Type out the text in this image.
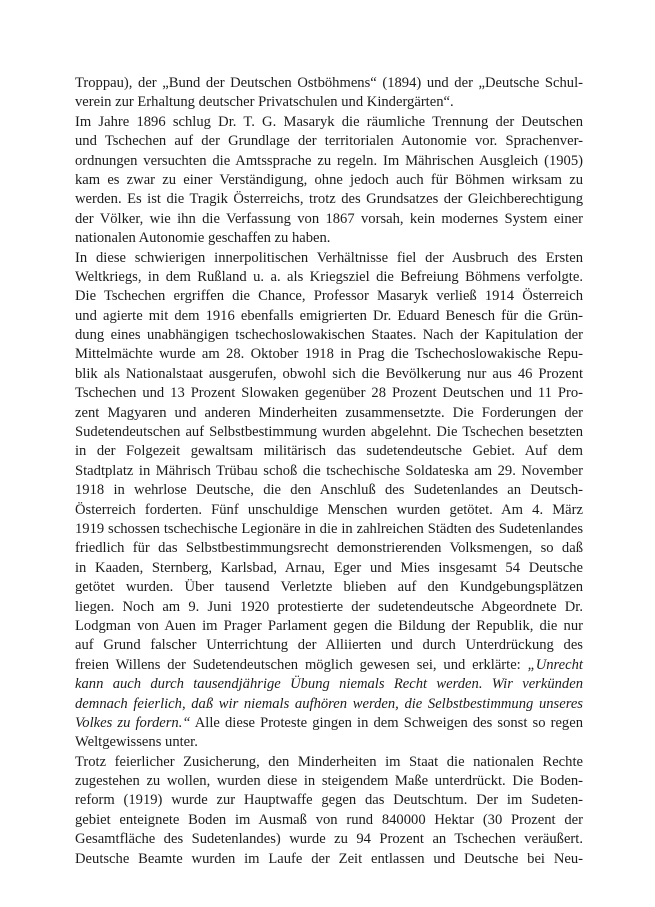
Troppau), der „Bund der Deutschen Ostböhmens“ (1894) und der „Deutsche Schul-
verein zur Erhaltung deutscher Privatschulen und Kindergärten“.
Im Jahre 1896 schlug Dr. T. G. Masaryk die räumliche Trennung der Deutschen
und Tschechen auf der Grundlage der territorialen Autonomie vor. Sprachenver-
ordnungen versuchten die Amtssprache zu regeln. Im Mährischen Ausgleich (1905)
kam es zwar zu einer Verständigung, ohne jedoch auch für Böhmen wirksam zu
werden. Es ist die Tragik Österreichs, trotz des Grundsatzes der Gleichberechtigung
der Völker, wie ihn die Verfassung von 1867 vorsah, kein modernes System einer
nationalen Autonomie geschaffen zu haben.
In diese schwierigen innerpolitischen Verhältnisse fiel der Ausbruch des Ersten
Weltkriegs, in dem Rußland u. a. als Kriegsziel die Befreiung Böhmens verfolgte.
Die Tschechen ergriffen die Chance, Professor Masaryk verließ 1914 Österreich
und agierte mit dem 1916 ebenfalls emigrierten Dr. Eduard Benesch für die Grün-
dung eines unabhängigen tschechoslowakischen Staates. Nach der Kapitulation der
Mittelmächte wurde am 28. Oktober 1918 in Prag die Tschechoslowakische Repu-
blik als Nationalstaat ausgerufen, obwohl sich die Bevölkerung nur aus 46 Prozent
Tschechen und 13 Prozent Slowaken gegenüber 28 Prozent Deutschen und 11 Pro-
zent Magyaren und anderen Minderheiten zusammensetzte. Die Forderungen der
Sudetendeutschen auf Selbstbestimmung wurden abgelehnt. Die Tschechen besetzten
in der Folgezeit gewaltsam militärisch das sudetendeutsche Gebiet. Auf dem
Stadtplatz in Mährisch Trübau schoß die tschechische Soldateska am 29. November
1918 in wehrlose Deutsche, die den Anschluß des Sudetenlandes an Deutsch-
Österreich forderten. Fünf unschuldige Menschen wurden getötet. Am 4. März
1919 schossen tschechische Legionäre in die in zahlreichen Städten des Sudetenlandes
friedlich für das Selbstbestimmungsrecht demonstrierenden Volksmengen, so daß
in Kaaden, Sternberg, Karlsbad, Arnau, Eger und Mies insgesamt 54 Deutsche
getötet wurden. Über tausend Verletzte blieben auf den Kundgebungsplätzen
liegen. Noch am 9. Juni 1920 protestierte der sudetendeutsche Abgeordnete Dr.
Lodgman von Auen im Prager Parlament gegen die Bildung der Republik, die nur
auf Grund falscher Unterrichtung der Alliierten und durch Unterdrückung des
freien Willens der Sudetendeutschen möglich gewesen sei, und erklärte: „Unrecht
kann auch durch tausendjährige Übung niemals Recht werden. Wir verkünden
demnach feierlich, daß wir niemals aufhören werden, die Selbstbestimmung unseres
Volkes zu fordern.“ Alle diese Proteste gingen in dem Schweigen des sonst so regen
Weltgewissens unter.
Trotz feierlicher Zusicherung, den Minderheiten im Staat die nationalen Rechte
zugestehen zu wollen, wurden diese in steigendem Maße unterdrückt. Die Boden-
reform (1919) wurde zur Hauptwaffe gegen das Deutschtum. Der im Sudeten-
gebiet enteignete Boden im Ausmaß von rund 840000 Hektar (30 Prozent der
Gesamtfläche des Sudetenlandes) wurde zu 94 Prozent an Tschechen veräußert.
Deutsche Beamte wurden im Laufe der Zeit entlassen und Deutsche bei Neu-
